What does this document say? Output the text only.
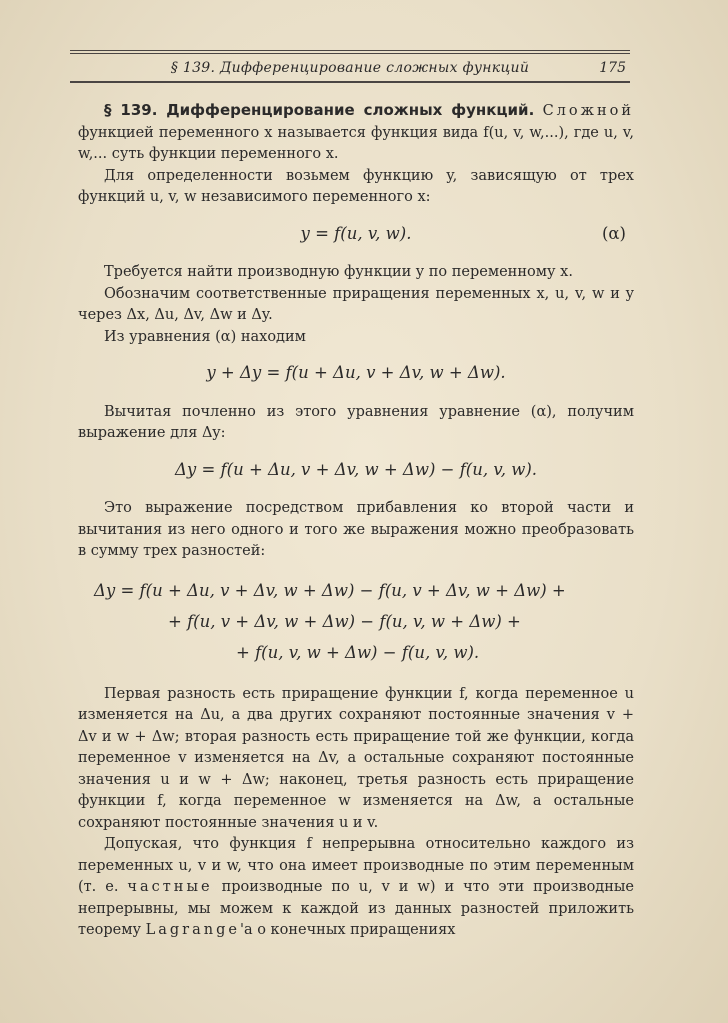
§ 139. Дифференцирование сложных функций	175

§ 139. Дифференцирование сложных функций. Сложной функцией переменного x называется функция вида f(u, v, w,...), где u, v, w,... суть функции переменного x.

Для определенности возьмем функцию y, зависящую от трех функций u, v, w независимого переменного x:

y = f(u, v, w).	(α)

Требуется найти производную функции y по переменному x.

Обозначим соответственные приращения переменных x, u, v, w и y через Δx, Δu, Δv, Δw и Δy.

Из уравнения (α) находим

y + Δy = f(u + Δu, v + Δv, w + Δw).

Вычитая почленно из этого уравнения уравнение (α), получим выражение для Δy:

Δy = f(u + Δu, v + Δv, w + Δw) − f(u, v, w).

Это выражение посредством прибавления ко второй части и вычитания из него одного и того же выражения можно преобразовать в сумму трех разностей:

Δy = f(u + Δu, v + Δv, w + Δw) − f(u, v + Δv, w + Δw) +
+ f(u, v + Δv, w + Δw) − f(u, v, w + Δw) +
+ f(u, v, w + Δw) − f(u, v, w).

Первая разность есть приращение функции f, когда переменное u изменяется на Δu, а два других сохраняют постоянные значения v + Δv и w + Δw; вторая разность есть приращение той же функции, когда переменное v изменяется на Δv, а остальные сохраняют постоянные значения u и w + Δw; наконец, третья разность есть приращение функции f, когда переменное w изменяется на Δw, а остальные сохраняют постоянные значения u и v.

Допуская, что функция f непрерывна относительно каждого из переменных u, v и w, что она имеет производные по этим переменным (т. е. частные производные по u, v и w) и что эти производные непрерывны, мы можем к каждой из данных разностей приложить теорему Lagrange'а о конечных приращениях
